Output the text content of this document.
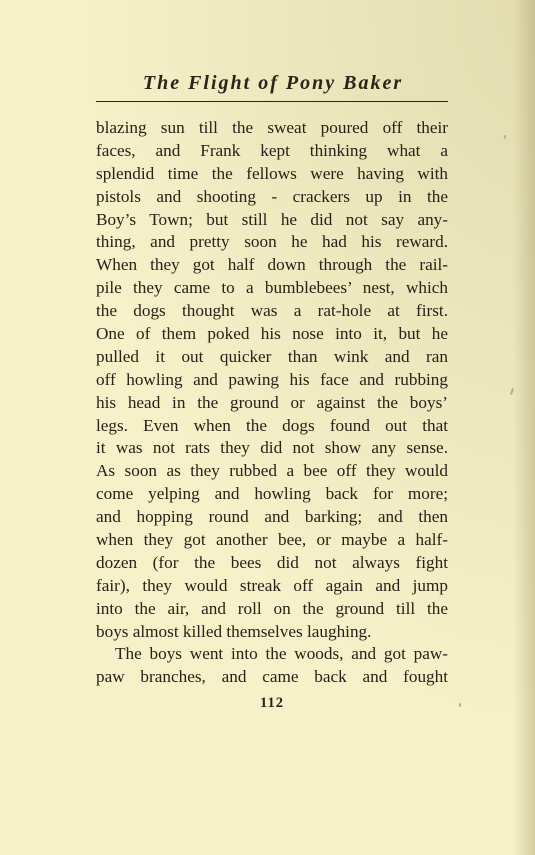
The Flight of Pony Baker
blazing sun till the sweat poured off their
faces, and Frank kept thinking what a
splendid time the fellows were having with
pistols and shooting - crackers up in the
Boy’s Town; but still he did not say any-
thing, and pretty soon he had his reward.
When they got half down through the rail-
pile they came to a bumblebees’ nest, which
the dogs thought was a rat-hole at first.
One of them poked his nose into it, but he
pulled it out quicker than wink and ran
off howling and pawing his face and rubbing
his head in the ground or against the boys’
legs. Even when the dogs found out that
it was not rats they did not show any sense.
As soon as they rubbed a bee off they would
come yelping and howling back for more;
and hopping round and barking; and then
when they got another bee, or maybe a half-
dozen (for the bees did not always fight
fair), they would streak off again and jump
into the air, and roll on the ground till the
boys almost killed themselves laughing.
The boys went into the woods, and got paw-
paw branches, and came back and fought
112
